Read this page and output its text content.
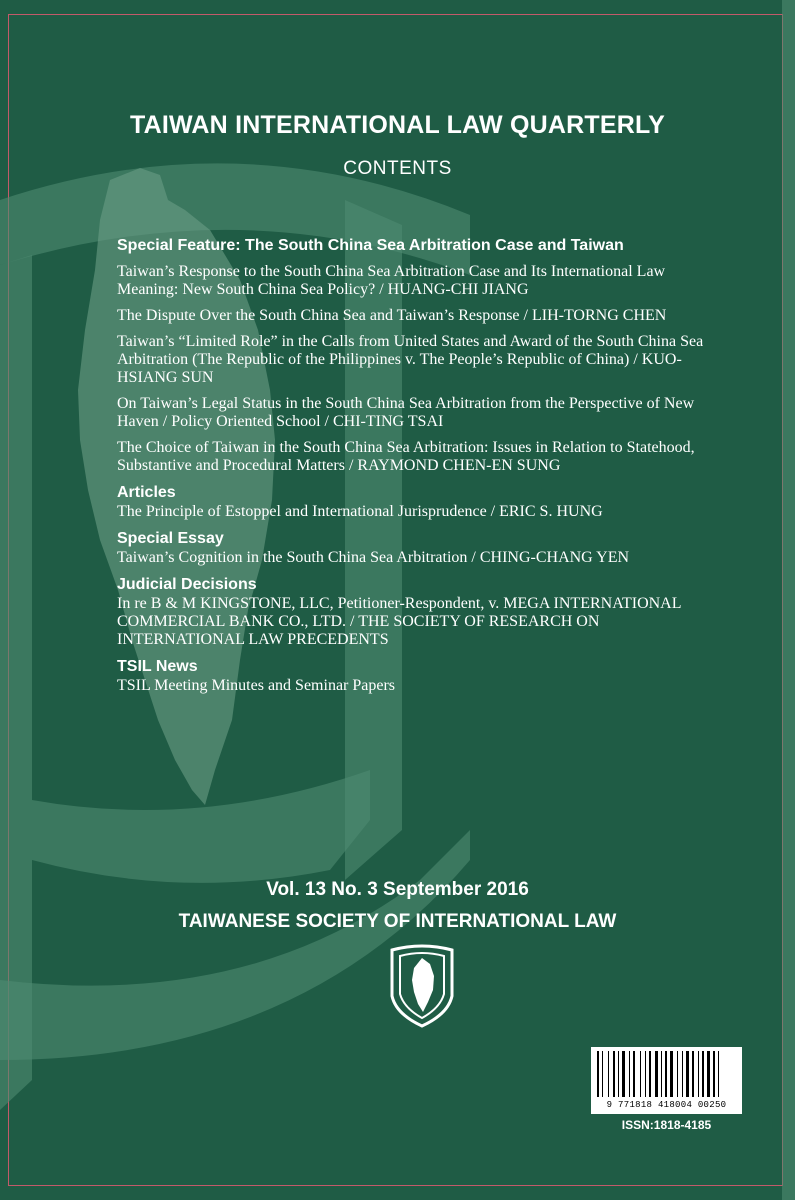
TAIWAN INTERNATIONAL LAW QUARTERLY
CONTENTS
Special Feature: The South China Sea Arbitration Case and Taiwan
Taiwan’s Response to the South China Sea Arbitration Case and Its International Law Meaning: New South China Sea Policy? / HUANG-CHI JIANG
The Dispute Over the South China Sea and Taiwan’s Response / LIH-TORNG CHEN
Taiwan’s “Limited Role” in the Calls from United States and Award of the South China Sea Arbitration (The Republic of the Philippines v. The People’s Republic of China) / KUO-HSIANG SUN
On Taiwan’s Legal Status in the South China Sea Arbitration from the Perspective of New Haven / Policy Oriented School / CHI-TING TSAI
The Choice of Taiwan in the South China Sea Arbitration: Issues in Relation to Statehood, Substantive and Procedural Matters / RAYMOND CHEN-EN SUNG
Articles
The Principle of Estoppel and International Jurisprudence / ERIC S. HUNG
Special Essay
Taiwan’s Cognition in the South China Sea Arbitration / CHING-CHANG YEN
Judicial Decisions
In re B & M KINGSTONE, LLC, Petitioner-Respondent, v. MEGA INTERNATIONAL COMMERCIAL BANK CO., LTD. / THE SOCIETY OF RESEARCH ON INTERNATIONAL LAW PRECEDENTS
TSIL News
TSIL Meeting Minutes and Seminar Papers
Vol. 13 No. 3 September 2016
TAIWANESE SOCIETY OF INTERNATIONAL LAW
9 771818 418004 00250
ISSN:1818-4185
